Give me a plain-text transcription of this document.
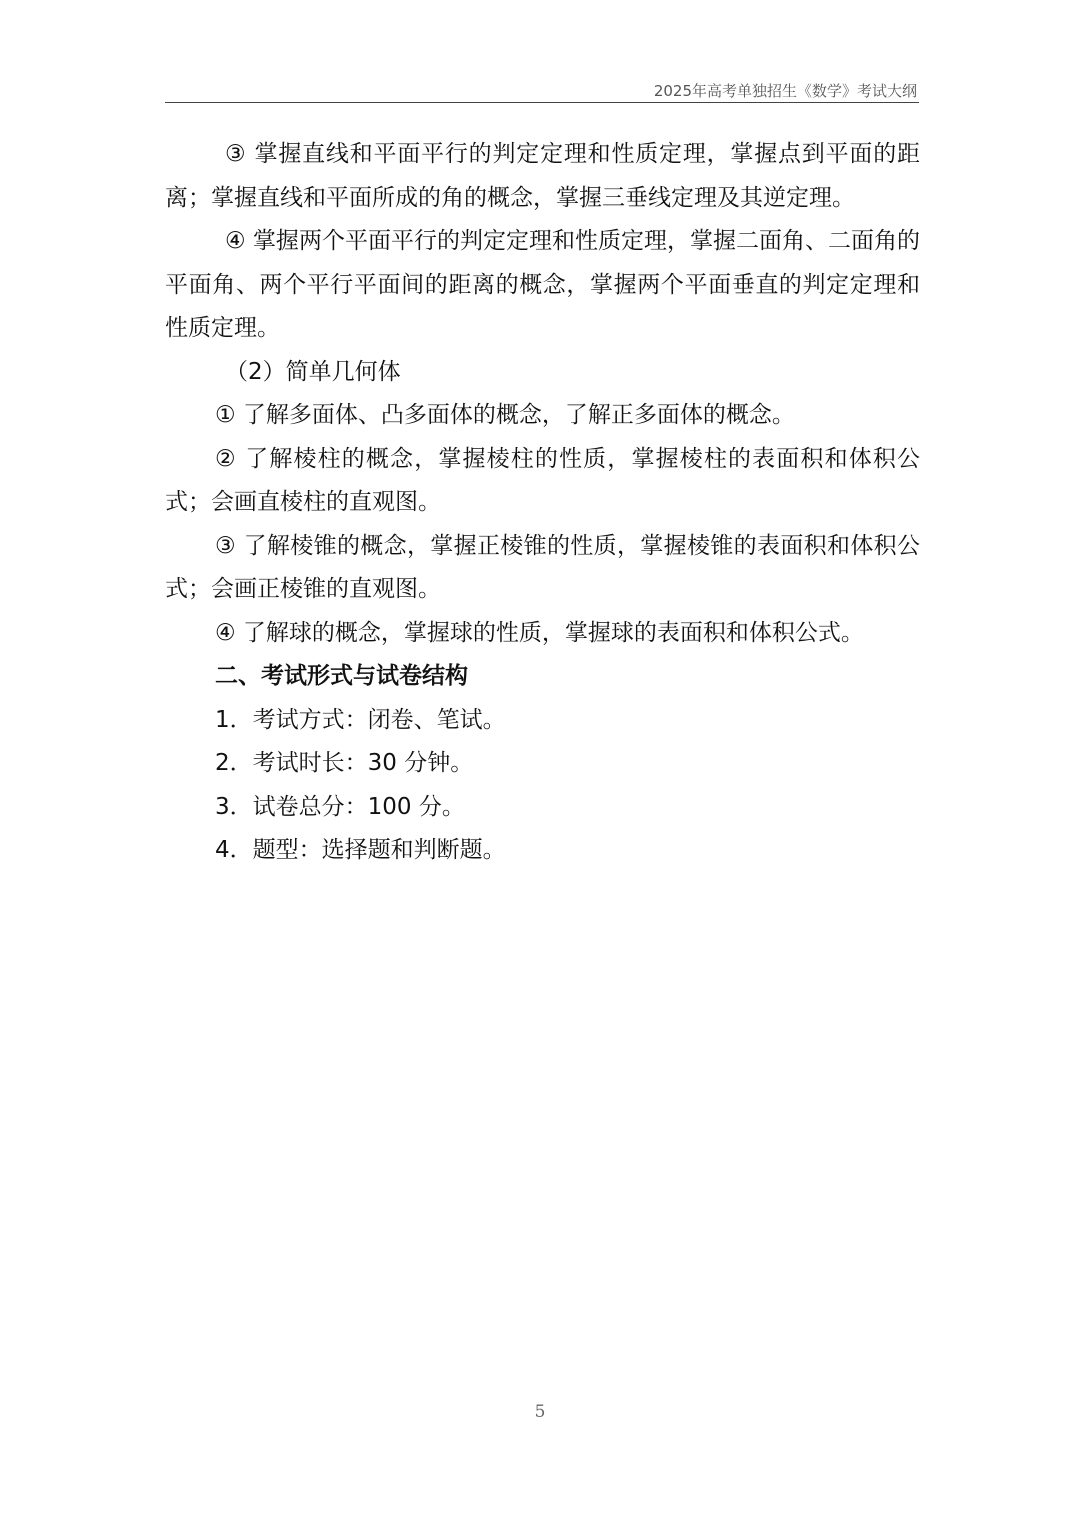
2025年高考单独招生《数学》考试大纲

③ 掌握直线和平面平行的判定定理和性质定理，掌握点到平面的距离；掌握直线和平面所成的角的概念，掌握三垂线定理及其逆定理。

④ 掌握两个平面平行的判定定理和性质定理，掌握二面角、二面角的平面角、两个平行平面间的距离的概念，掌握两个平面垂直的判定定理和性质定理。

（2）简单几何体

① 了解多面体、凸多面体的概念，了解正多面体的概念。

② 了解棱柱的概念，掌握棱柱的性质，掌握棱柱的表面积和体积公式；会画直棱柱的直观图。

③ 了解棱锥的概念，掌握正棱锥的性质，掌握棱锥的表面积和体积公式；会画正棱锥的直观图。

④ 了解球的概念，掌握球的性质，掌握球的表面积和体积公式。

二、考试形式与试卷结构

1．考试方式：闭卷、笔试。

2．考试时长：30 分钟。

3．试卷总分：100 分。

4．题型：选择题和判断题。

5
